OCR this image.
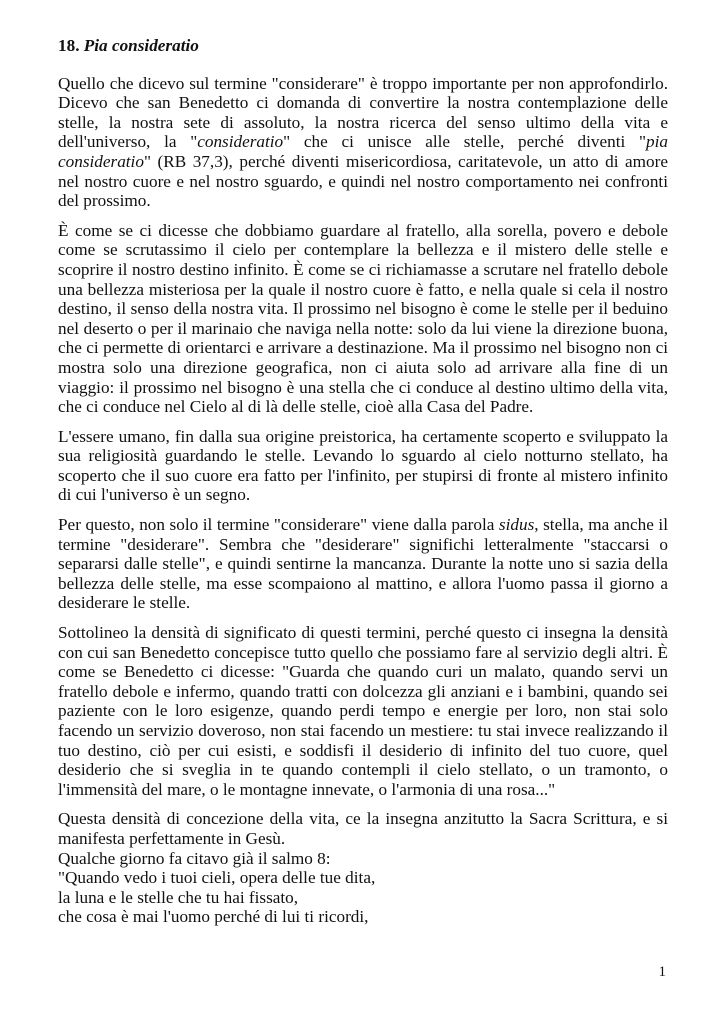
18. Pia consideratio

Quello che dicevo sul termine "considerare" è troppo importante per non approfondirlo. Dicevo che san Benedetto ci domanda di convertire la nostra contemplazione delle stelle, la nostra sete di assoluto, la nostra ricerca del senso ultimo della vita e dell'universo, la "consideratio" che ci unisce alle stelle, perché diventi "pia consideratio" (RB 37,3), perché diventi misericordiosa, caritatevole, un atto di amore nel nostro cuore e nel nostro sguardo, e quindi nel nostro comportamento nei confronti del prossimo.

È come se ci dicesse che dobbiamo guardare al fratello, alla sorella, povero e debole come se scrutassimo il cielo per contemplare la bellezza e il mistero delle stelle e scoprire il nostro destino infinito. È come se ci richiamasse a scrutare nel fratello debole una bellezza misteriosa per la quale il nostro cuore è fatto, e nella quale si cela il nostro destino, il senso della nostra vita. Il prossimo nel bisogno è come le stelle per il beduino nel deserto o per il marinaio che naviga nella notte: solo da lui viene la direzione buona, che ci permette di orientarci e arrivare a destinazione. Ma il prossimo nel bisogno non ci mostra solo una direzione geografica, non ci aiuta solo ad arrivare alla fine di un viaggio: il prossimo nel bisogno è una stella che ci conduce al destino ultimo della vita, che ci conduce nel Cielo al di là delle stelle, cioè alla Casa del Padre.

L'essere umano, fin dalla sua origine preistorica, ha certamente scoperto e sviluppato la sua religiosità guardando le stelle. Levando lo sguardo al cielo notturno stellato, ha scoperto che il suo cuore era fatto per l'infinito, per stupirsi di fronte al mistero infinito di cui l'universo è un segno.

Per questo, non solo il termine "considerare" viene dalla parola sidus, stella, ma anche il termine "desiderare". Sembra che "desiderare" significhi letteralmente "staccarsi o separarsi dalle stelle", e quindi sentirne la mancanza. Durante la notte uno si sazia della bellezza delle stelle, ma esse scompaiono al mattino, e allora l'uomo passa il giorno a desiderare le stelle.

Sottolineo la densità di significato di questi termini, perché questo ci insegna la densità con cui san Benedetto concepisce tutto quello che possiamo fare al servizio degli altri. È come se Benedetto ci dicesse: "Guarda che quando curi un malato, quando servi un fratello debole e infermo, quando tratti con dolcezza gli anziani e i bambini, quando sei paziente con le loro esigenze, quando perdi tempo e energie per loro, non stai solo facendo un servizio doveroso, non stai facendo un mestiere: tu stai invece realizzando il tuo destino, ciò per cui esisti, e soddisfi il desiderio di infinito del tuo cuore, quel desiderio che si sveglia in te quando contempli il cielo stellato, o un tramonto, o l'immensità del mare, o le montagne innevate, o l'armonia di una rosa..."

Questa densità di concezione della vita, ce la insegna anzitutto la Sacra Scrittura, e si manifesta perfettamente in Gesù.

Qualche giorno fa citavo già il salmo 8:
"Quando vedo i tuoi cieli, opera delle tue dita,
la luna e le stelle che tu hai fissato,
che cosa è mai l'uomo perché di lui ti ricordi,
1
